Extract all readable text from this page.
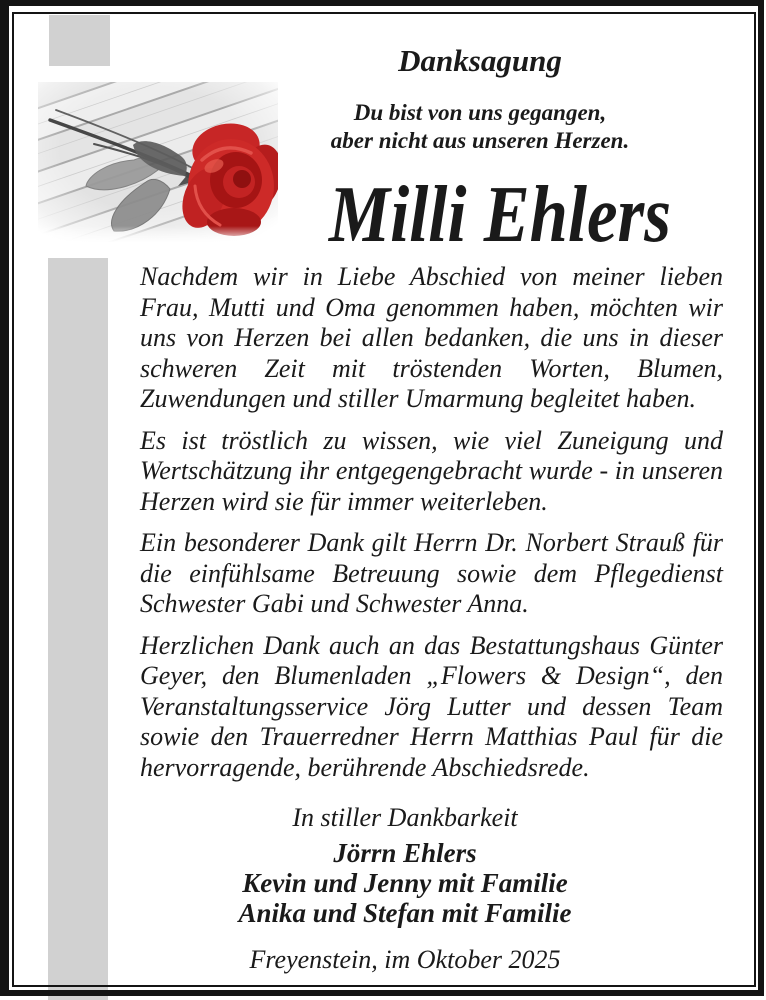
Danksagung
Du bist von uns gegangen,
aber nicht aus unseren Herzen.
Milli Ehlers

Nachdem wir in Liebe Abschied von meiner lieben Frau, Mutti und Oma genommen haben, möchten wir uns von Herzen bei allen bedanken, die uns in dieser schweren Zeit mit tröstenden Worten, Blumen, Zuwendungen und stiller Umarmung begleitet haben.

Es ist tröstlich zu wissen, wie viel Zuneigung und Wertschätzung ihr entgegengebracht wurde - in unseren Herzen wird sie für immer weiterleben.

Ein besonderer Dank gilt Herrn Dr. Norbert Strauß für die einfühlsame Betreuung sowie dem Pflegedienst Schwester Gabi und Schwester Anna.

Herzlichen Dank auch an das Bestattungshaus Günter Geyer, den Blumenladen „Flowers & Design“, den Veranstaltungsservice Jörg Lutter und dessen Team sowie den Trauerredner Herrn Matthias Paul für die hervorragende, berührende Abschiedsrede.

In stiller Dankbarkeit
Jörrn Ehlers
Kevin und Jenny mit Familie
Anika und Stefan mit Familie
Freyenstein, im Oktober 2025
